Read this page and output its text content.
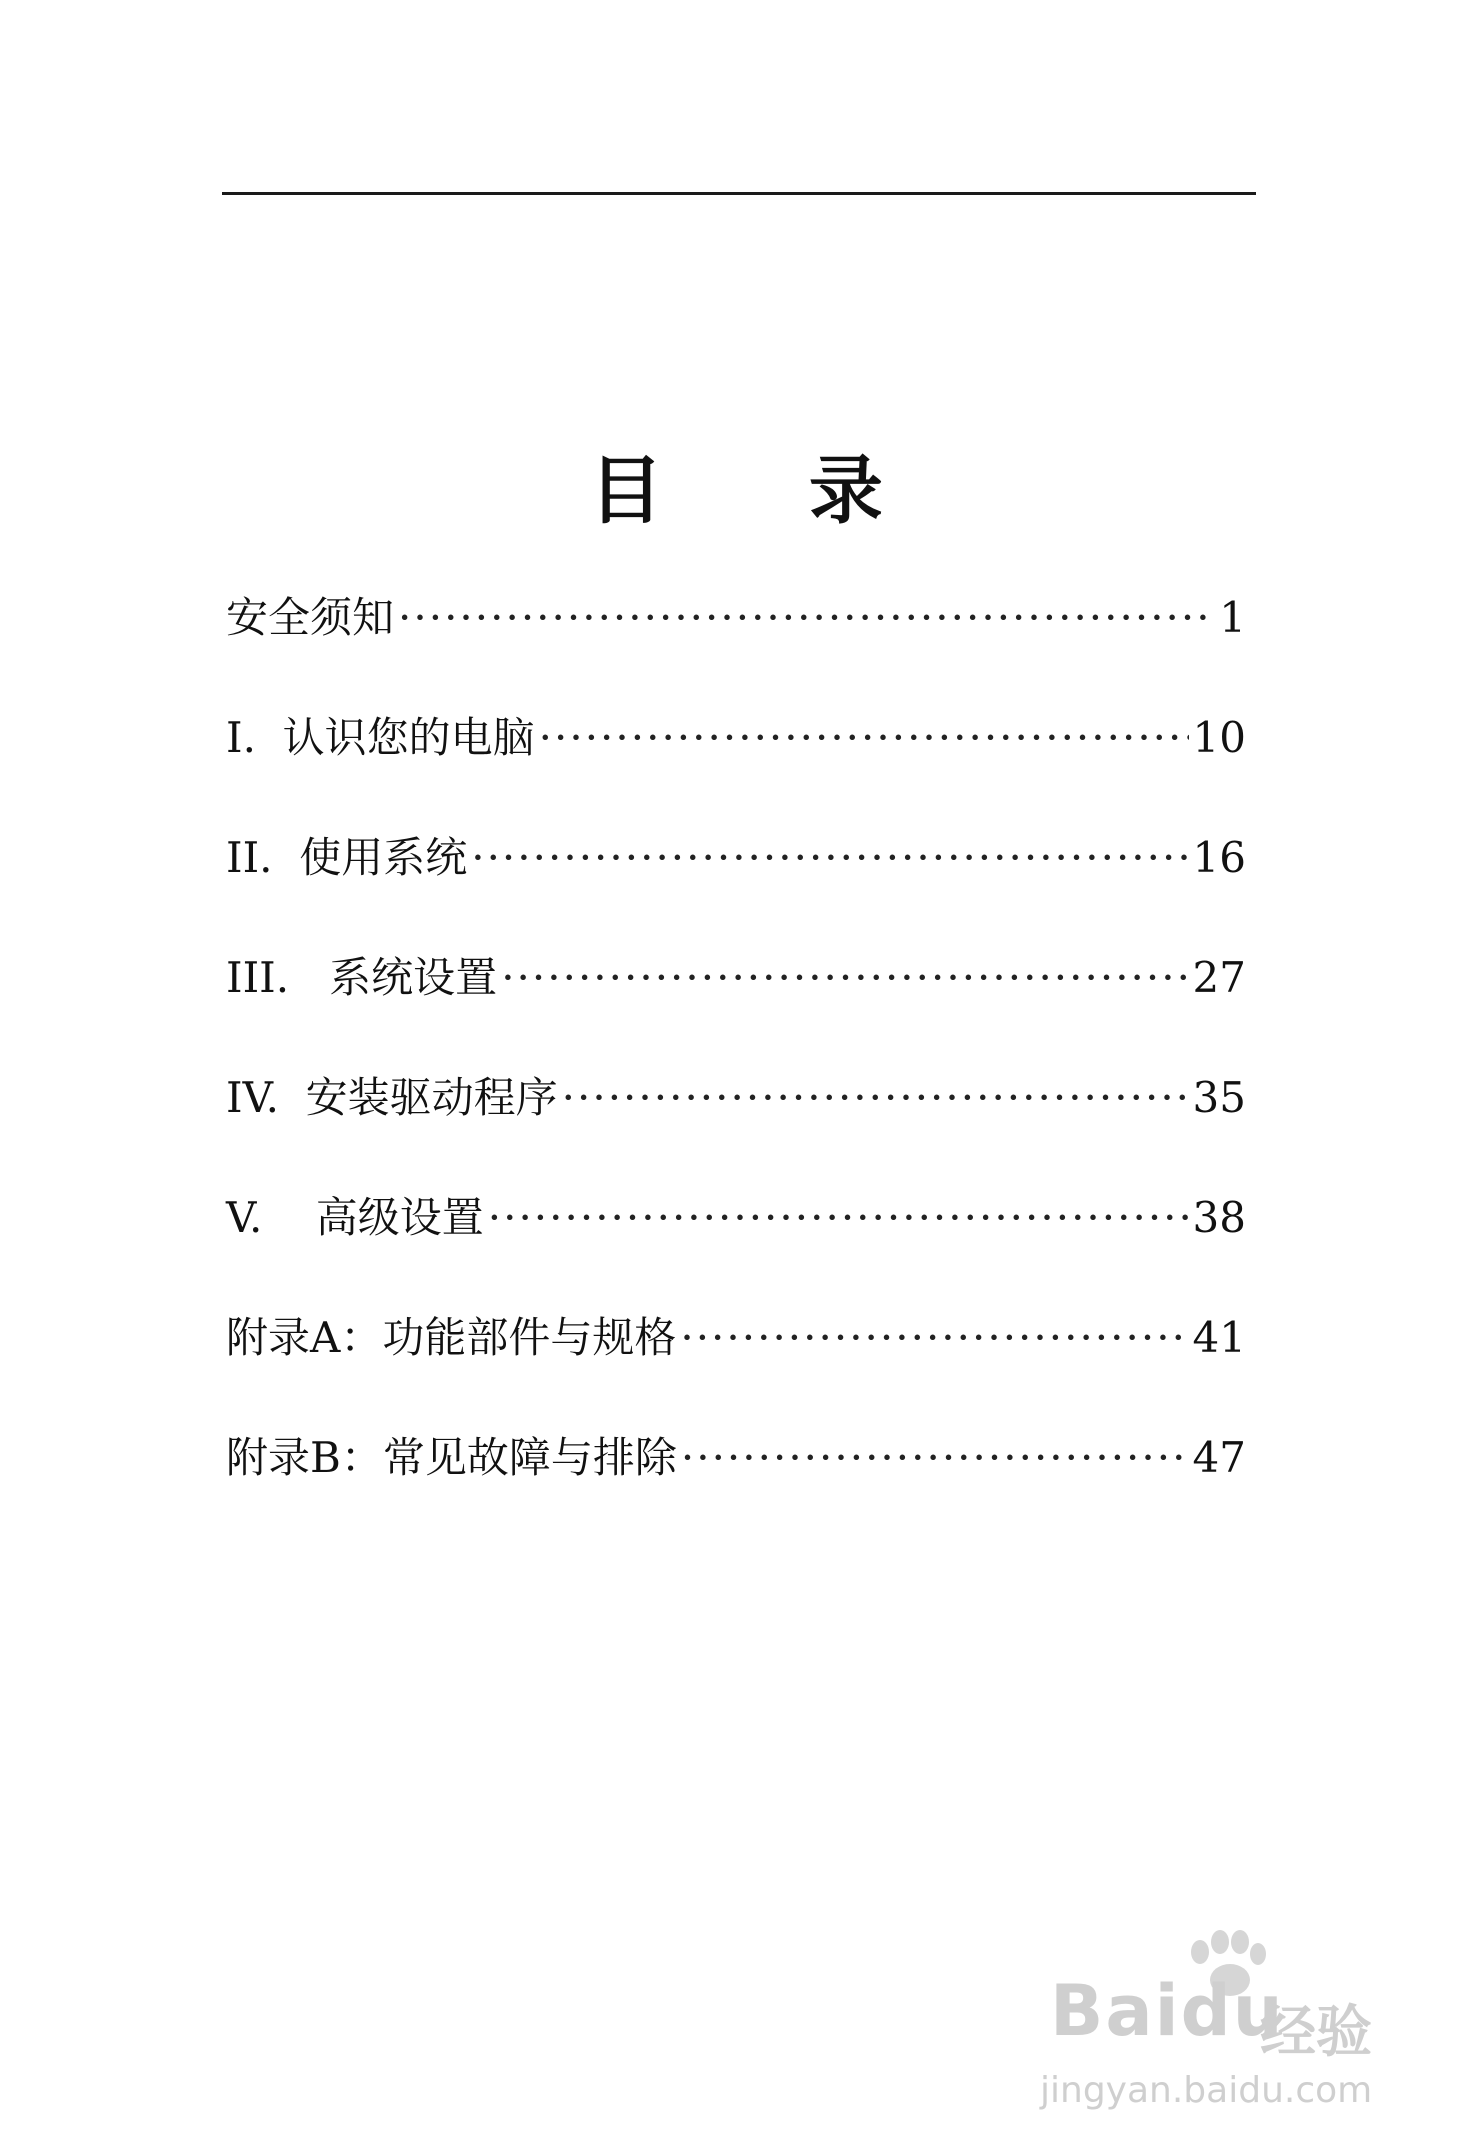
目 录
安全须知 ·····	1
I.  认识您的电脑 ·····	10
II.  使用系统 ·····	16
III.   系统设置 ·····	27
IV.  安装驱动程序 ·····	35
V.    高级设置 ·····	38
附录A：功能部件与规格 ·····	41
附录B：常见故障与排除 ·····	47
Baidu
经验
jingyan.baidu.com
